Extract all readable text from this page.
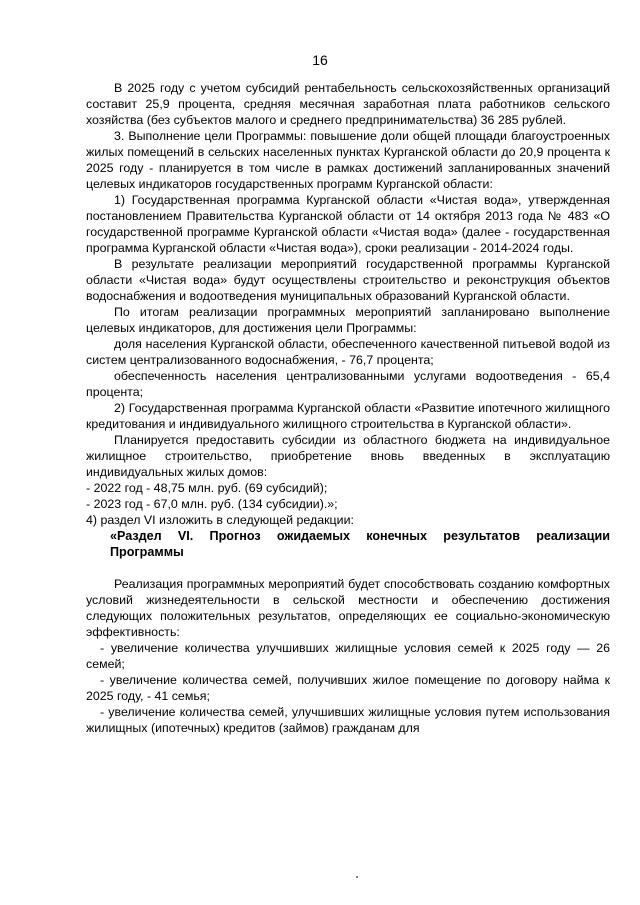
16

В 2025 году с учетом субсидий рентабельность сельскохозяйственных организаций составит 25,9 процента, средняя месячная заработная плата работников сельского хозяйства (без субъектов малого и среднего предпринимательства) 36 285 рублей.

3. Выполнение цели Программы: повышение доли общей площади благоустроенных жилых помещений в сельских населенных пунктах Курганской области до 20,9 процента к 2025 году - планируется в том числе в рамках достижений запланированных значений целевых индикаторов государственных программ Курганской области:

1) Государственная программа Курганской области «Чистая вода», утвержденная постановлением Правительства Курганской области от 14 октября 2013 года № 483 «О государственной программе Курганской области «Чистая вода» (далее - государственная программа Курганской области «Чистая вода»), сроки реализации - 2014-2024 годы.

В результате реализации мероприятий государственной программы Курганской области «Чистая вода» будут осуществлены строительство и реконструкция объектов водоснабжения и водоотведения муниципальных образований Курганской области.

По итогам реализации программных мероприятий запланировано выполнение целевых индикаторов, для достижения цели Программы:

доля населения Курганской области, обеспеченного качественной питьевой водой из систем централизованного водоснабжения, - 76,7 процента;

обеспеченность населения централизованными услугами водоотведения - 65,4 процента;

2) Государственная программа Курганской области «Развитие ипотечного жилищного кредитования и индивидуального жилищного строительства в Курганской области».

Планируется предоставить субсидии из областного бюджета на индивидуальное жилищное строительство, приобретение вновь введенных в эксплуатацию индивидуальных жилых домов:

- 2022 год - 48,75 млн. руб. (69 субсидий);

- 2023 год - 67,0 млн. руб. (134 субсидии).»;

4) раздел VI изложить в следующей редакции:

«Раздел VI. Прогноз ожидаемых конечных результатов реализации Программы

Реализация программных мероприятий будет способствовать созданию комфортных условий жизнедеятельности в сельской местности и обеспечению достижения следующих положительных результатов, определяющих ее социально-экономическую эффективность:

- увеличение количества улучшивших жилищные условия семей к 2025 году — 26 семей;

- увеличение количества семей, получивших жилое помещение по договору найма к 2025 году, - 41 семья;

- увеличение количества семей, улучшивших жилищные условия путем использования жилищных (ипотечных) кредитов (займов) гражданам для
